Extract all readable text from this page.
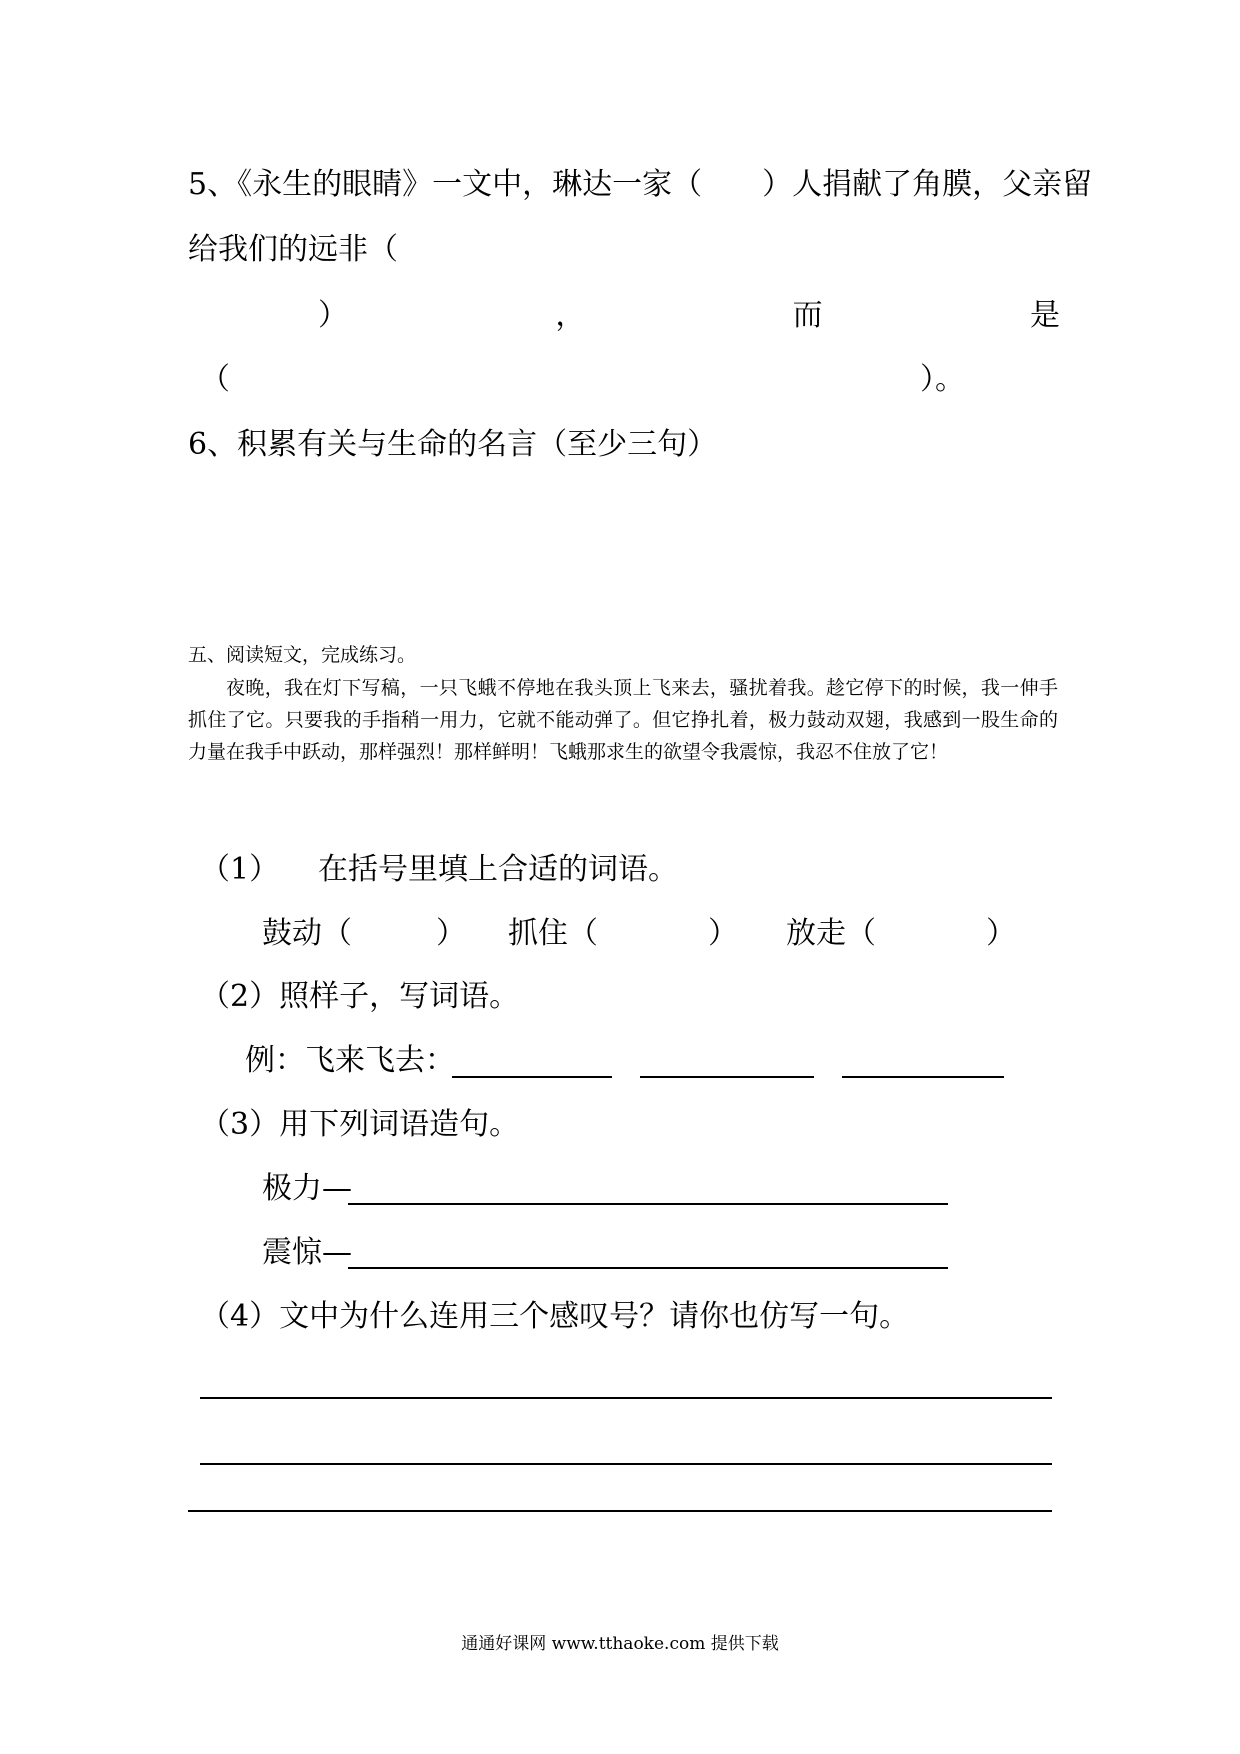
5、《永生的眼睛》一文中，琳达一家（　　）人捐献了角膜，父亲留
给我们的远非（
）	，	而	是
（	）。
6、积累有关与生命的名言（至少三句）
五、阅读短文，完成练习。
夜晚，我在灯下写稿，一只飞蛾不停地在我头顶上飞来去，骚扰着我。趁它停下的时候，我一伸手抓住了它。只要我的手指稍一用力，它就不能动弹了。但它挣扎着，极力鼓动双翅，我感到一股生命的力量在我手中跃动，那样强烈！那样鲜明！飞蛾那求生的欲望令我震惊，我忍不住放了它！
（1） 在括号里填上合适的词语。
鼓动（	） 抓住（	） 放走（	）
（2）照样子，写词语。
例：飞来飞去：
（3）用下列词语造句。
极力—
震惊—
（4）文中为什么连用三个感叹号？请你也仿写一句。
通通好课网 www.tthaoke.com 提供下载
